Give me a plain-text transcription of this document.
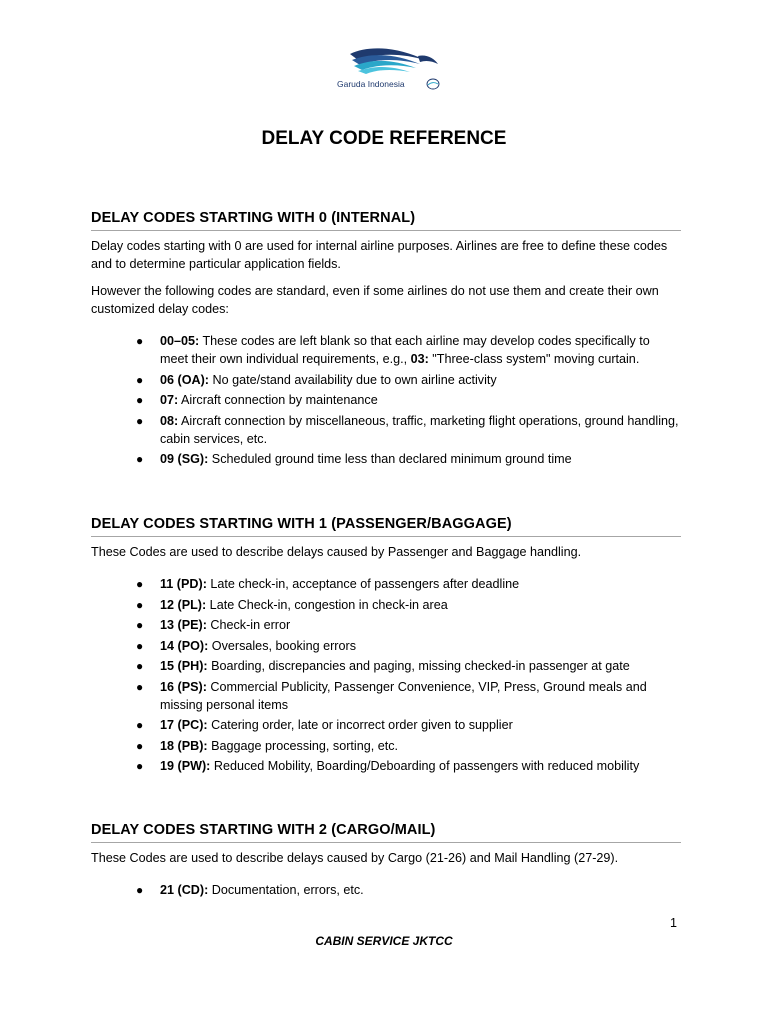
Garuda Indonesia
DELAY CODE REFERENCE
DELAY CODES STARTING WITH 0 (INTERNAL)

Delay codes starting with 0 are used for internal airline purposes. Airlines are free to define these codes and to determine particular application fields.

However the following codes are standard, even if some airlines do not use them and create their own customized delay codes:

● 00–05: These codes are left blank so that each airline may develop codes specifically to meet their own individual requirements, e.g., 03: "Three-class system" moving curtain.
● 06 (OA): No gate/stand availability due to own airline activity
● 07: Aircraft connection by maintenance
● 08: Aircraft connection by miscellaneous, traffic, marketing flight operations, ground handling, cabin services, etc.
● 09 (SG): Scheduled ground time less than declared minimum ground time
DELAY CODES STARTING WITH 1 (PASSENGER/BAGGAGE)

These Codes are used to describe delays caused by Passenger and Baggage handling.

● 11 (PD): Late check-in, acceptance of passengers after deadline
● 12 (PL): Late Check-in, congestion in check-in area
● 13 (PE): Check-in error
● 14 (PO): Oversales, booking errors
● 15 (PH): Boarding, discrepancies and paging, missing checked-in passenger at gate
● 16 (PS): Commercial Publicity, Passenger Convenience, VIP, Press, Ground meals and missing personal items
● 17 (PC): Catering order, late or incorrect order given to supplier
● 18 (PB): Baggage processing, sorting, etc.
● 19 (PW): Reduced Mobility, Boarding/Deboarding of passengers with reduced mobility
DELAY CODES STARTING WITH 2 (CARGO/MAIL)

These Codes are used to describe delays caused by Cargo (21-26) and Mail Handling (27-29).

● 21 (CD): Documentation, errors, etc.
1
CABIN SERVICE JKTCC
